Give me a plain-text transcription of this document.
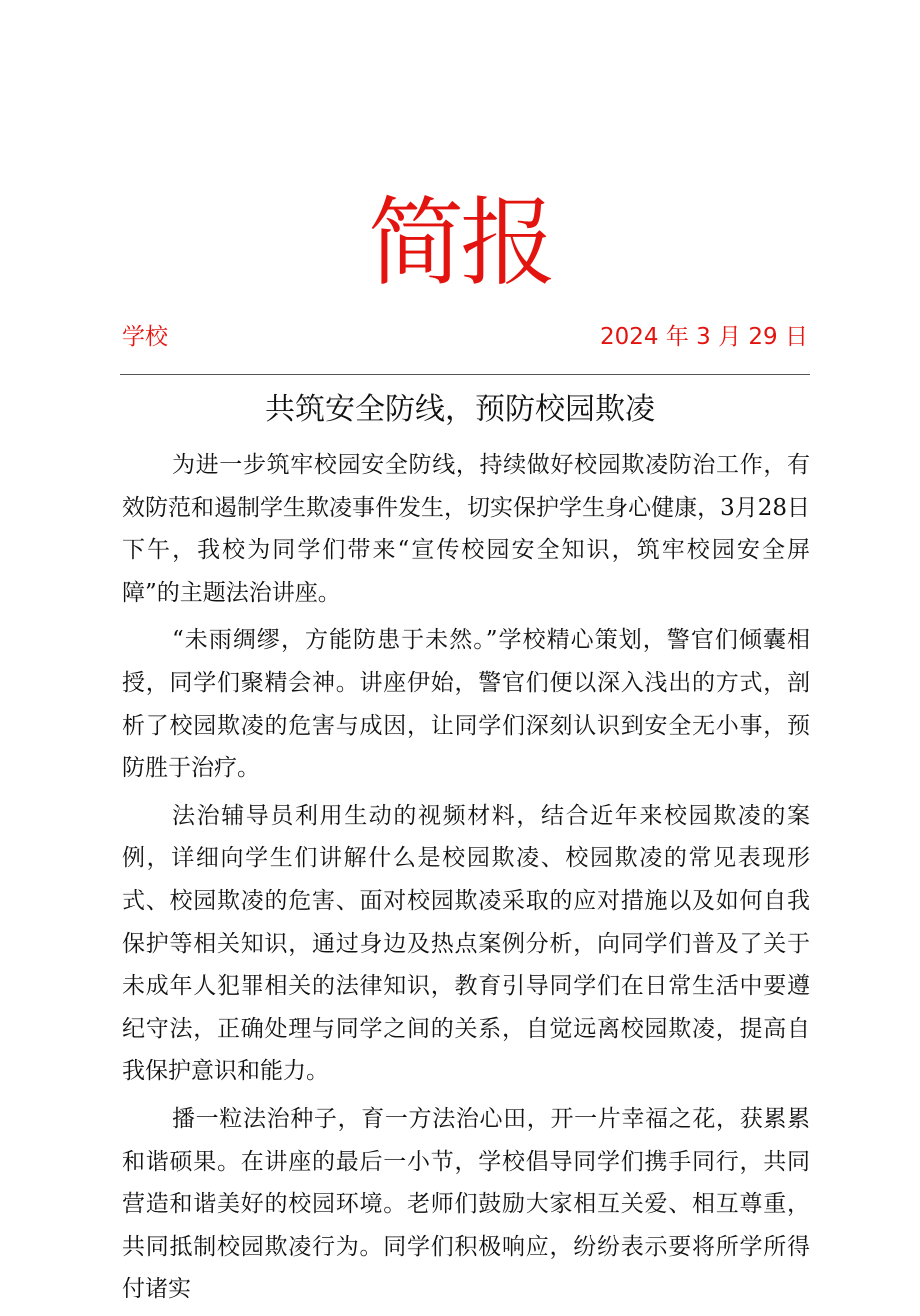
简报
学校	2024 年 3 月 29 日
共筑安全防线，预防校园欺凌

为进一步筑牢校园安全防线，持续做好校园欺凌防治工作，有效防范和遏制学生欺凌事件发生，切实保护学生身心健康，3月28日下午，我校为同学们带来“宣传校园安全知识，筑牢校园安全屏障”的主题法治讲座。

“未雨绸缪，方能防患于未然。”学校精心策划，警官们倾囊相授，同学们聚精会神。讲座伊始，警官们便以深入浅出的方式，剖析了校园欺凌的危害与成因，让同学们深刻认识到安全无小事，预防胜于治疗。

法治辅导员利用生动的视频材料，结合近年来校园欺凌的案例，详细向学生们讲解什么是校园欺凌、校园欺凌的常见表现形式、校园欺凌的危害、面对校园欺凌采取的应对措施以及如何自我保护等相关知识，通过身边及热点案例分析，向同学们普及了关于未成年人犯罪相关的法律知识，教育引导同学们在日常生活中要遵纪守法，正确处理与同学之间的关系，自觉远离校园欺凌，提高自我保护意识和能力。

播一粒法治种子，育一方法治心田，开一片幸福之花，获累累和谐硕果。在讲座的最后一小节，学校倡导同学们携手同行，共同营造和谐美好的校园环境。老师们鼓励大家相互关爱、相互尊重，共同抵制校园欺凌行为。同学们积极响应，纷纷表示要将所学所得付诸实
